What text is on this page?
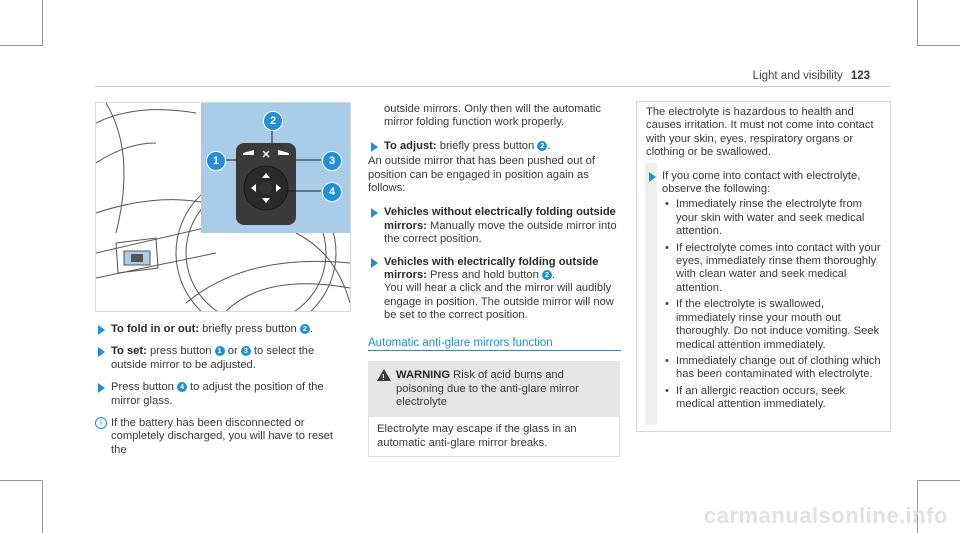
Light and visibility 123
2
1	3
4

To fold in or out: briefly press button 2 .

To set: press button 1 or 3 to select the outside mirror to be adjusted.

Press button 4 to adjust the position of the mirror glass.

i If the battery has been disconnected or completely discharged, you will have to reset the

outside mirrors. Only then will the automatic mirror folding function work properly.

To adjust: briefly press button 2 .

An outside mirror that has been pushed out of position can be engaged in position again as follows:

Vehicles without electrically folding outside mirrors: Manually move the outside mirror into the correct position.

Vehicles with electrically folding outside mirrors: Press and hold button 2 .
You will hear a click and the mirror will audibly engage in position. The outside mirror will now be set to the correct position.

Automatic anti-glare mirrors function

! WARNING Risk of acid burns and poisoning due to the anti-glare mirror electrolyte
Electrolyte may escape if the glass in an automatic anti-glare mirror breaks.

The electrolyte is hazardous to health and causes irritation. It must not come into contact with your skin, eyes, respiratory organs or clothing or be swallowed.

If you come into contact with electrolyte, observe the following:

• Immediately rinse the electrolyte from your skin with water and seek medical attention.
• If electrolyte comes into contact with your eyes, immediately rinse them thoroughly with clean water and seek medical attention.
• If the electrolyte is swallowed, immediately rinse your mouth out thoroughly. Do not induce vomiting. Seek medical attention immediately.
• Immediately change out of clothing which has been contaminated with electrolyte.
• If an allergic reaction occurs, seek medical attention immediately.
carmanualsonline.info
